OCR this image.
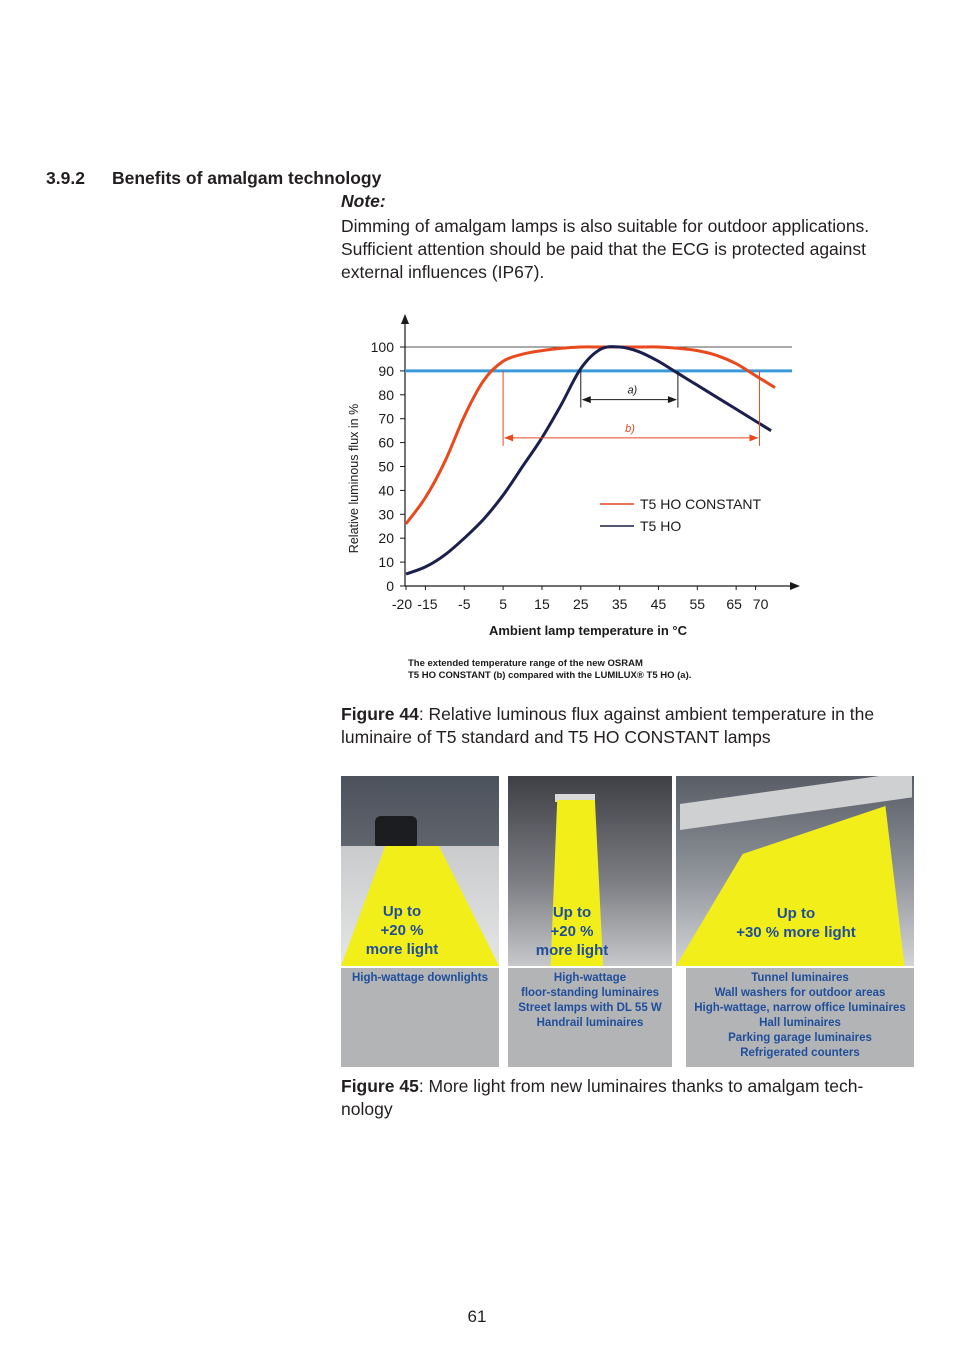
3.9.2 Benefits of amalgam technology
Note:
Dimming of amalgam lamps is also suitable for outdoor applications. Sufficient attention should be paid that the ECG is protected against external influences (IP67).
0
10
20
30
40
50
60
70
80
90
100
-20 -15 -5 5 15 25 35 45 55 65 70
Ambient lamp temperature in °C
Relative luminous flux in %
a)
b)
T5 HO CONSTANT
T5 HO
The extended temperature range of the new OSRAM
T5 HO CONSTANT (b) compared with the LUMILUX® T5 HO (a).
Figure 44: Relative luminous flux against ambient temperature in the luminaire of T5 standard and T5 HO CONSTANT lamps
Up to
+20 %
more light
High-wattage downlights
Up to
+20 %
more light
High-wattage
floor-standing luminaires
Street lamps with DL 55 W
Handrail luminaires
Up to
+30 % more light
Tunnel luminaires
Wall washers for outdoor areas
High-wattage, narrow office luminaires
Hall luminaires
Parking garage luminaires
Refrigerated counters
Figure 45: More light from new luminaires thanks to amalgam tech-nology
61
